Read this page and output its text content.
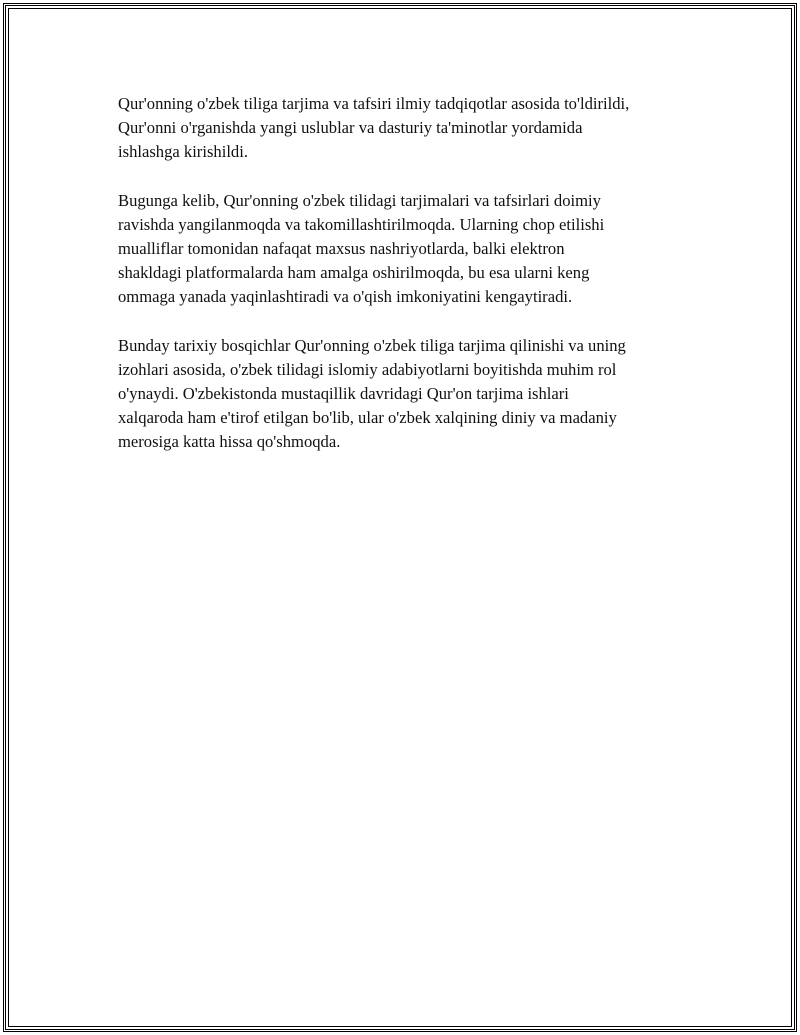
Qur'onning o'zbek tiliga tarjima va tafsiri ilmiy tadqiqotlar asosida to'ldirildi,
Qur'onni o'rganishda yangi uslublar va dasturiy ta'minotlar yordamida
ishlashga kirishildi.

Bugunga kelib, Qur'onning o'zbek tilidagi tarjimalari va tafsirlari doimiy
ravishda yangilanmoqda va takomillashtirilmoqda. Ularning chop etilishi
mualliflar tomonidan nafaqat maxsus nashriyotlarda, balki elektron
shakldagi platformalarda ham amalga oshirilmoqda, bu esa ularni keng
ommaga yanada yaqinlashtiradi va o'qish imkoniyatini kengaytiradi.

Bunday tarixiy bosqichlar Qur'onning o'zbek tiliga tarjima qilinishi va uning
izohlari asosida, o'zbek tilidagi islomiy adabiyotlarni boyitishda muhim rol
o'ynaydi. O'zbekistonda mustaqillik davridagi Qur'on tarjima ishlari
xalqaroda ham e'tirof etilgan bo'lib, ular o'zbek xalqining diniy va madaniy
merosiga katta hissa qo'shmoqda.
